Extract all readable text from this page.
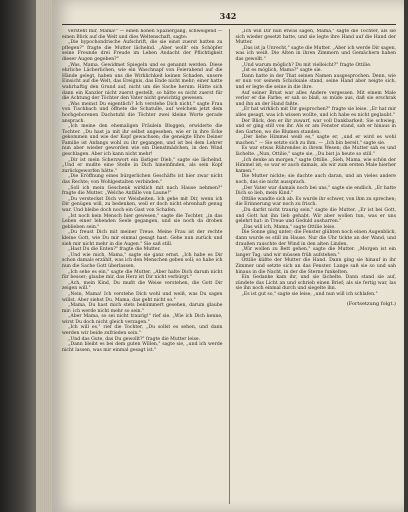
342

versteht mir, Mama!" — einen hohen Spaziergang, schweigend — einen Blick auf die Welt und dies Weltenschaft, sagte:

„Die hypochondrische Aufschrift, die sie einst zuerst hatten zu pflegen?" fragte die Mutter lächelnd. „Aber wollt' ein Schöpfer seine Freunde drei Freude im Leben Andacht der Pflichtigkeit dieser Augen gegeben?"

„Was, Mama. Gewidmet Spiegeln und es genannt werden. Diese ehrliche Lächerlichen, wie ein Waschnapf von Feierabend auf die Hände gelegt, haben uns die Wirklichkeit keinen Schaden, unsere Einsicht auf die Welt, das Ereignis, das Ende nicht mehr; einer hatte wahrhaftig den Grund auf, nicht um die Sache herum. Hätte sich dann ein Kanzler nicht zuerst gestellt, so hätte es nicht zuerst für die Achtung der Töchter den Vater nicht gewichtig gewesen.

„Was meinst Du eigentlich? Ich verstehe Dich nicht," sagte Frau von Tischbach und öffnete die Schatulle, auf welchem jetzt dem hochgeborenen Dachstuhl die Töchter zwei kleine Worte gerade ansprach.

„Ich meine den ehemaligen Fräulein Bloggen, erwiderte die Tochter. „Du hast ja mit ihr selbst angesehen, wie er in ihre Ecke gekommen und wie der Kopf gewachsen; die geneigte Ehre Deiner Familie ist Anfangs wohl zu ihr gegangen, und ist bei dem Lehrer nun aber wieder geworden wie ein Dienstmädchen, in den Wind geschlagen. Aber ich kann nicht mehr!

„Dir ist mein Scherzwort ein lästiger Dieb," sagte sie lächelnd. „Und er mußte eine Stelle in Dich hineinfinden, als sein Kopf zurückgeworfen hätte."

„Die Eröffnung eines bürgerlichen Geschäfts ist hier zwar nicht das Rechte; von Wohlgestalten verbinden."

„Soll ich mein Geschenk wirklich mit nach Hause nehmen?" fragte die Mutter. „Welche Anfälle von Laune!"

„Du versteckst Dich vor Weisheiten. Ich gehe mit Dir, wenn ich Dir genügen will, zu bedenken, weil er doch nicht ehrenhaft genug war. Und bleibe doch noch ein Gast von Schafen.

„Ist noch kein Mensch hier gewesen," sagte die Tochter, „in das Leben einer lebenden Seele gegangen, und sie noch da droben geblieben sein."

„Du freust Dich mit meiner Treue. Meine Frau ist der rechte kleine Gott, wie Du mir einmal gesagt hast. Gehe nun zurück und sieh mir nicht mehr in die Augen." Sie saß still.

„Hast Du die Enten?" fragte die Mutter.

„Und wie mich, Mama," sagte sie ganz ernst. „Ich habe es Dir schon damals erzählt, was ich den Menschen geben soll; so habe ich nun die Sache Gott überlassen.

„Ich sehe es ein," sagte die Mutter. „Aber halte Dich darum nicht für besser; glaube mir, das Herz ist Dir nicht verbürgt."

„Ach, mein Kind, Du mußt die Weise verstehen, die Gott Dir zeigen will."

„Nein, Mama! Ich verstehe Dich wohl und weiß, was Du sagen willst. Aber siehst Du, Mama, das geht nicht so."

„Mama, Du hast mich stets bekümmert gesehen, darum glaube mir: ich werde nicht mehr so sein."

„Aber Mama, so sei nicht traurig!" rief sie. „Wie ich Dich kenne, wirst Du doch nicht gleich verzagen."

„Ich will es," rief die Tochter, „Du sollst es sehen, und dann werden wir beide zufrieden sein."

„Und das Gute, das Du gewollt?" fragte die Mutter leise.

„Dann bleibt es bei dem guten Willen," sagte sie, „und ich werde nicht lassen, was mir einmal gesagt ist."

„Ich will Dir nun etwas sagen, Mama," sagte die Tochter, als sie sich wieder gesetzt hatte, und sie legte ihre Hand auf die Hand der Mutter.

„Das ist ja Unrecht," sagte die Mutter. „Aber ich werde Dir sagen, was ich weiß. Die Alten in ihren Zimmern und Gemächern haben das gewollt."

„Und warum möglich? Du mit vielleicht?" fragte Ottilie.

„Ist es möglich, Mama?" sagte sie.

Dann hatte in der That seinen Namen ausgesprochen. Denn, wie er nun vor seinem Schicksale stand, seine Hand aber neigte sich, und er legte die seine in die ihre.

Auf seiner Brust war alles Andere vergessen. Mit einem Male verlor er die Farbe; er sah so blaß, so müde aus, daß sie erschrak und ihn an der Hand faßte.

„Er hat wirklich mit Dir gesprochen?" fragte sie leise. „Er hat mir alles gesagt, was ich wissen wollte, und ich habe es nicht geglaubt."

Der Blick, den er ihr zuwarf, war voll Dankbarkeit. Sie schwieg, und er ging still von ihr. Als er am Fenster stand, sah er hinaus in den Garten, wo die Blumen standen.

„Der liebe Himmel weiß es," sagte er, „und er wird es wohl machen." — Sie setzte sich zu ihm. — „Ich bin bereit," sagte sie.

Es war etwas Rührendes in ihrem Wesen; die Mutter sah es und lächelte. „Nun, Ottilie," sagte sie, „Du bist ja heute so still."

„Ich denke an morgen," sagte Ottilie. „Sieh, Mama, wie schön der Himmel ist; so war er auch damals, als wir zum ersten Male hierher kamen."

Die Mutter nickte; sie dachte auch daran, und an vieles andere noch, das sie nicht aussprach.

„Der Vater war damals noch bei uns," sagte sie endlich. „Er hatte Dich so lieb, mein Kind."

Ottilie wandte sich ab. Es wurde ihr schwer, von ihm zu sprechen; die Erinnerung war noch zu frisch.

„Du darfst nicht traurig sein," sagte die Mutter. „Er ist bei Gott, und Gott hat ihn lieb gehabt. Wir aber wollen tun, was er uns gelehrt hat: in Treue und Geduld ausharren."

„Das will ich, Mama," sagte Ottilie leise.

Die Sonne ging unter; die Fenster glühten noch einen Augenblick, dann wurde es still im Hause. Nur die Uhr tickte an der Wand, und draußen rauschte der Wind in den alten Linden.

„Wir wollen zu Bett gehen," sagte die Mutter. „Morgen ist ein langer Tag, und wir müssen früh aufstehen."

Ottilie küßte der Mutter die Hand. Dann ging sie hinauf in ihr Zimmer und setzte sich an das Fenster. Lange saß sie so und sah hinaus in die Nacht, in der die Sterne funkelten.

Ein Gedanke kam ihr, und sie lächelte. Dann stand sie auf, zündete das Licht an und schrieb einen Brief; als sie fertig war, las sie ihn noch einmal durch und siegelte ihn.

„Es ist gut so," sagte sie leise, „und nun will ich schlafen."

(Fortsetzung folgt.)
